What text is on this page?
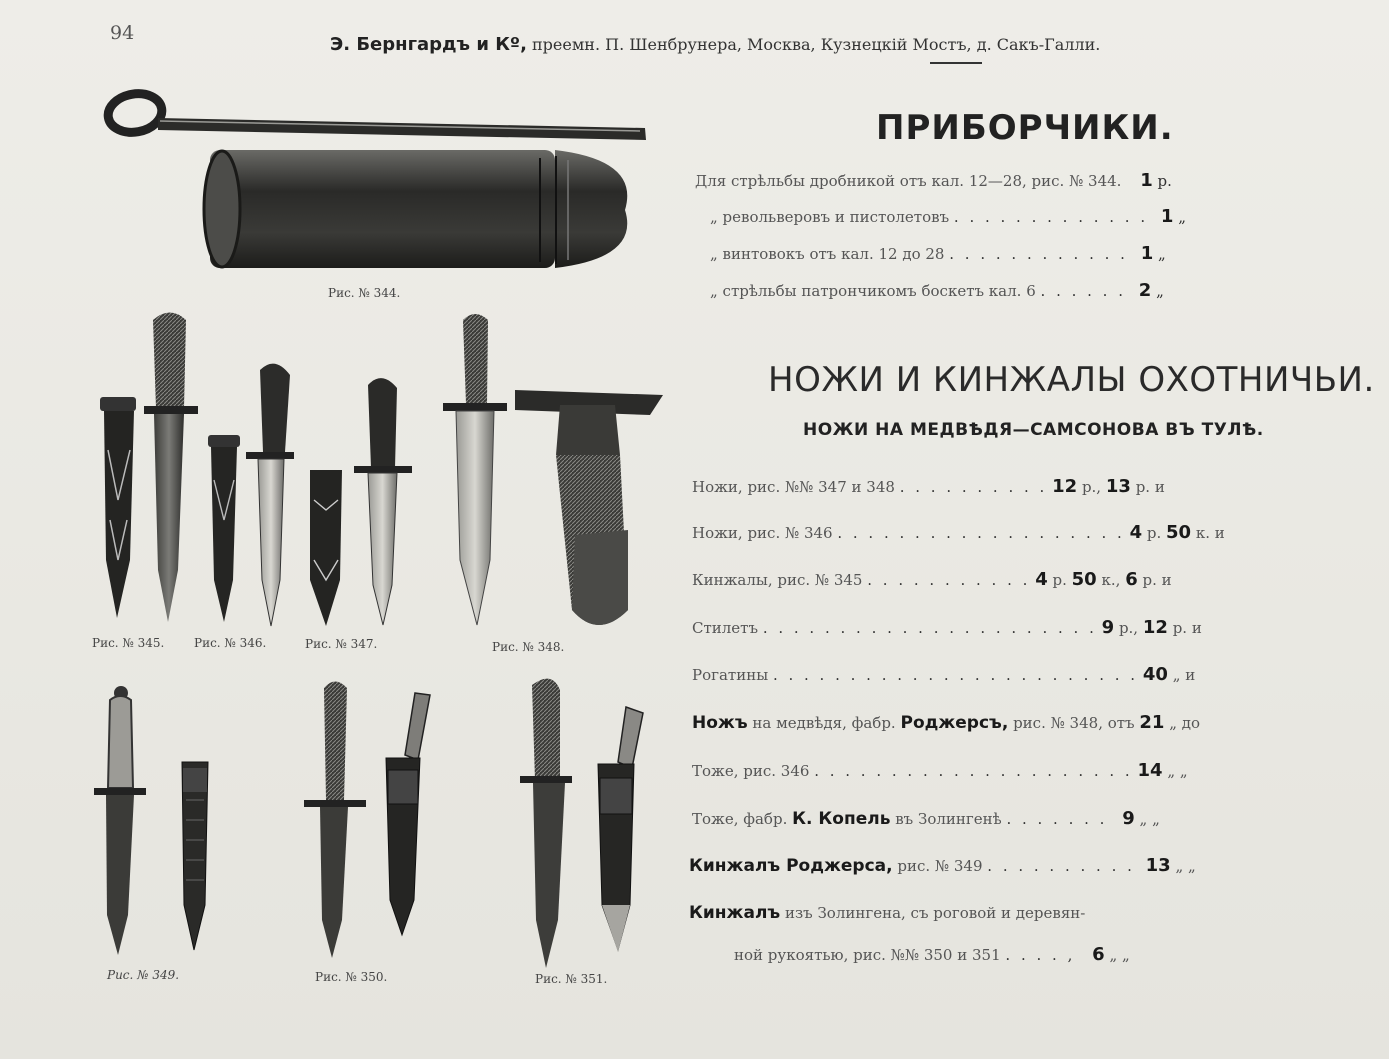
94
Э. Бернгардъ и Кº, преемн. П. Шенбрунера, Москва, Кузнецкій Мостъ, д. Сакъ-Галли.
Рис. № 344.
Рис. № 345. Рис. № 346.	Рис. № 347.	Рис. № 348.
Рис. № 349.	Рис. № 350.	Рис. № 351.
ПРИБОРЧИКИ.
Для стрѣльбы дробникой отъ кал. 12—28, рис. № 344. 1 р.
„ револьверовъ и пистолетовъ . . . . . . . . . . . . . 1 „
„ винтовокъ отъ кал. 12 до 28 . . . . . . . . . . . . 1 „
„ стрѣльбы патрончикомъ боскетъ кал. 6 . . . . . . 2 „
НОЖИ И КИНЖАЛЫ ОХОТНИЧЬИ.
НОЖИ НА МЕДВѢДЯ—САМСОНОВА ВЪ ТУЛѢ.
Ножи, рис. №№ 347 и 348 . . . . . . . . . . 12 р., 13 р. и
Ножи, рис. № 346 . . . . . . . . . . . . . . . . . . . 4 р. 50 к. и
Кинжалы, рис. № 345 . . . . . . . . . . . 4 р. 50 к., 6 р. и
Стилетъ . . . . . . . . . . . . . . . . . . . . . . 9 р., 12 р. и
Рогатины . . . . . . . . . . . . . . . . . . . . . . . . 40 „ и
Ножъ на медвѣдя, фабр. Роджерсъ, рис. № 348, отъ 21 „ до
Тоже, рис. 346 . . . . . . . . . . . . . . . . . . . . . 14 „ „
Тоже, фабр. К. Копель въ Золингенѣ . . . . . . . 9 „ „
Кинжалъ Роджерса, рис. № 349 . . . . . . . . . . 13 „ „
Кинжалъ изъ Золингена, съ роговой и деревян-
ной рукоятью, рис. №№ 350 и 351 . . . . , 6 „ „
